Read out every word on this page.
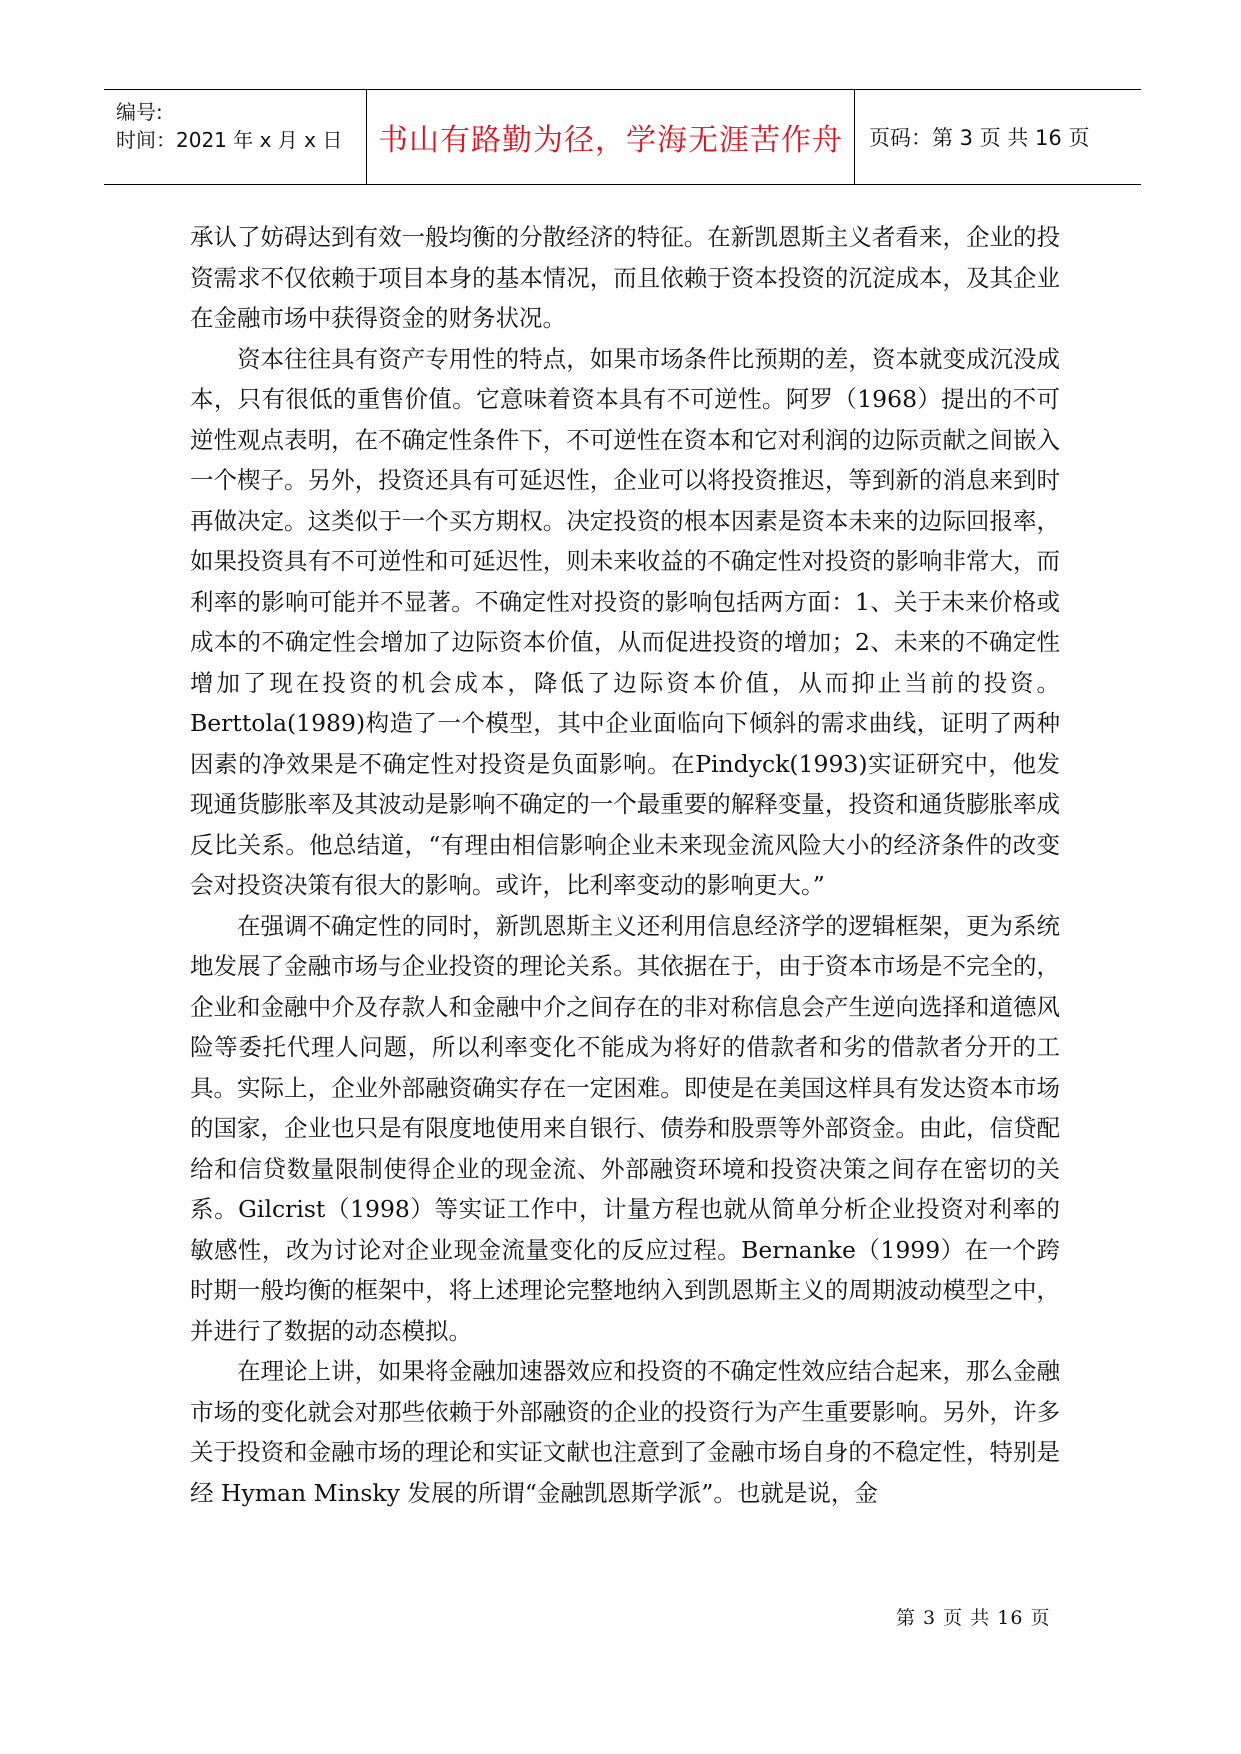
编号:
时间：2021 年 x 月 x 日	书山有路勤为径，学海无涯苦作舟	页码：第 3 页 共 16 页

承认了妨碍达到有效一般均衡的分散经济的特征。在新凯恩斯主义者看来，企业的投资需求不仅依赖于项目本身的基本情况，而且依赖于资本投资的沉淀成本，及其企业在金融市场中获得资金的财务状况。

资本往往具有资产专用性的特点，如果市场条件比预期的差，资本就变成沉没成本，只有很低的重售价值。它意味着资本具有不可逆性。阿罗（1968）提出的不可逆性观点表明，在不确定性条件下，不可逆性在资本和它对利润的边际贡献之间嵌入一个楔子。另外，投资还具有可延迟性，企业可以将投资推迟，等到新的消息来到时再做决定。这类似于一个买方期权。决定投资的根本因素是资本未来的边际回报率，如果投资具有不可逆性和可延迟性，则未来收益的不确定性对投资的影响非常大，而利率的影响可能并不显著。不确定性对投资的影响包括两方面：1、关于未来价格或成本的不确定性会增加了边际资本价值，从而促进投资的增加；2、未来的不确定性增加了现在投资的机会成本，降低了边际资本价值，从而抑止当前的投资。Berttola(1989)构造了一个模型，其中企业面临向下倾斜的需求曲线，证明了两种因素的净效果是不确定性对投资是负面影响。在Pindyck(1993)实证研究中，他发现通货膨胀率及其波动是影响不确定的一个最重要的解释变量，投资和通货膨胀率成反比关系。他总结道，“有理由相信影响企业未来现金流风险大小的经济条件的改变会对投资决策有很大的影响。或许，比利率变动的影响更大。”

在强调不确定性的同时，新凯恩斯主义还利用信息经济学的逻辑框架，更为系统地发展了金融市场与企业投资的理论关系。其依据在于，由于资本市场是不完全的，企业和金融中介及存款人和金融中介之间存在的非对称信息会产生逆向选择和道德风险等委托代理人问题，所以利率变化不能成为将好的借款者和劣的借款者分开的工具。实际上，企业外部融资确实存在一定困难。即使是在美国这样具有发达资本市场的国家，企业也只是有限度地使用来自银行、债券和股票等外部资金。由此，信贷配给和信贷数量限制使得企业的现金流、外部融资环境和投资决策之间存在密切的关系。Gilcrist（1998）等实证工作中，计量方程也就从简单分析企业投资对利率的敏感性，改为讨论对企业现金流量变化的反应过程。Bernanke（1999）在一个跨时期一般均衡的框架中，将上述理论完整地纳入到凯恩斯主义的周期波动模型之中，并进行了数据的动态模拟。

在理论上讲，如果将金融加速器效应和投资的不确定性效应结合起来，那么金融市场的变化就会对那些依赖于外部融资的企业的投资行为产生重要影响。另外，许多关于投资和金融市场的理论和实证文献也注意到了金融市场自身的不稳定性，特别是经 Hyman Minsky 发展的所谓“金融凯恩斯学派”。也就是说，金

第 3 页 共 16 页
